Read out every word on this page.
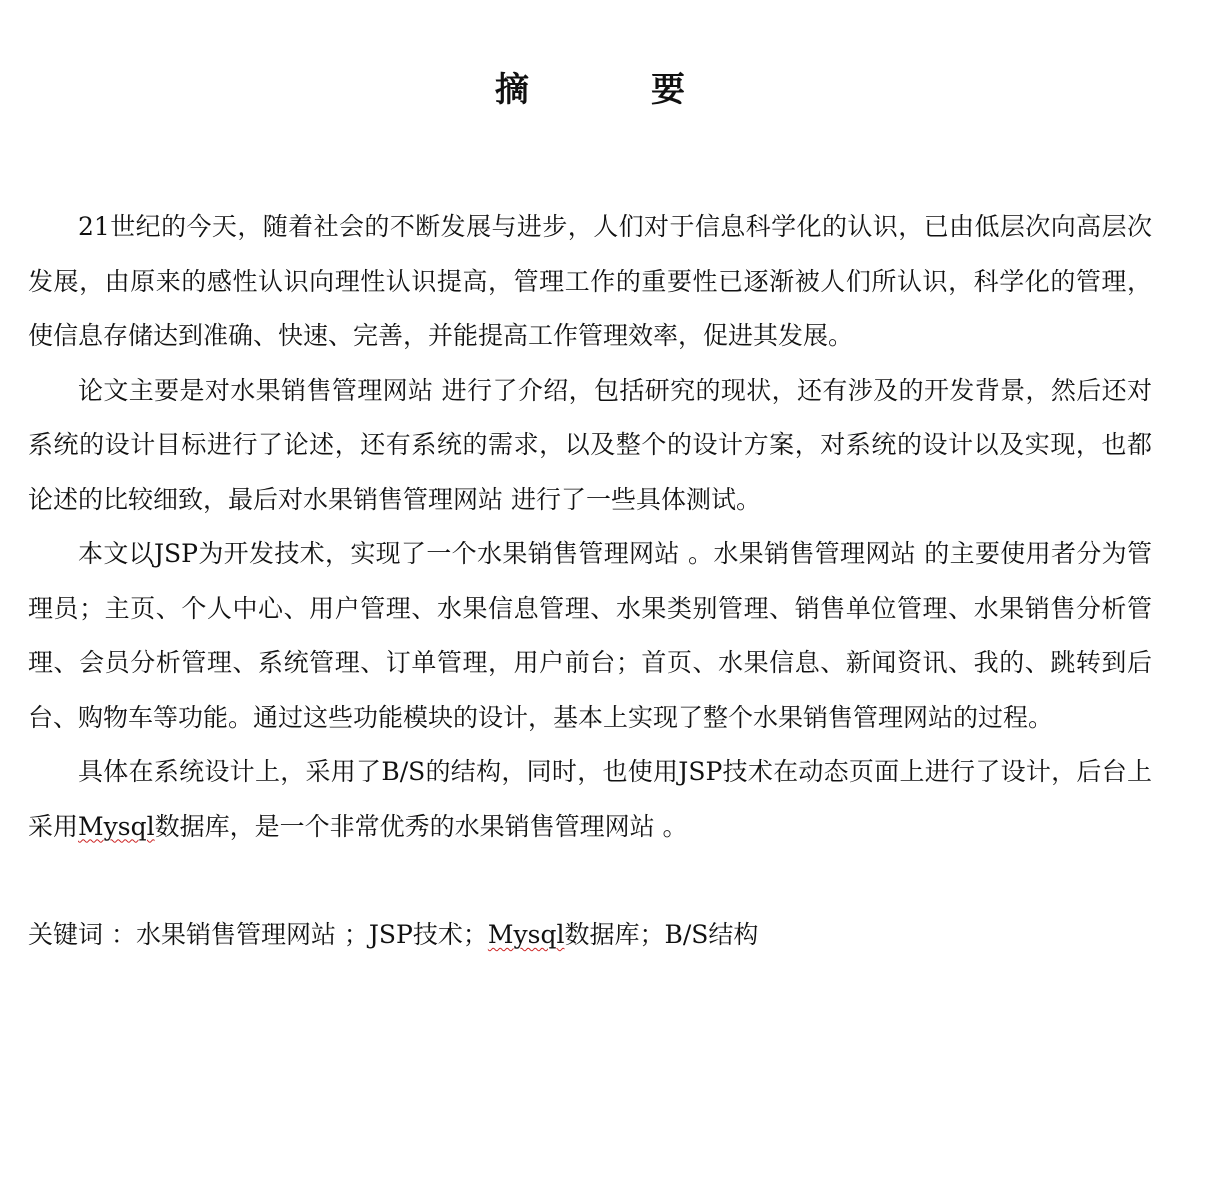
摘　要

21世纪的今天，随着社会的不断发展与进步，人们对于信息科学化的认识，已由低层次向高层次发展，由原来的感性认识向理性认识提高，管理工作的重要性已逐渐被人们所认识，科学化的管理，使信息存储达到准确、快速、完善，并能提高工作管理效率，促进其发展。

论文主要是对水果销售管理网站 进行了介绍，包括研究的现状，还有涉及的开发背景，然后还对系统的设计目标进行了论述，还有系统的需求，以及整个的设计方案，对系统的设计以及实现，也都论述的比较细致，最后对水果销售管理网站 进行了一些具体测试。

本文以JSP为开发技术，实现了一个水果销售管理网站 。水果销售管理网站 的主要使用者分为管理员；主页、个人中心、用户管理、水果信息管理、水果类别管理、销售单位管理、水果销售分析管理、会员分析管理、系统管理、订单管理，用户前台；首页、水果信息、新闻资讯、我的、跳转到后台、购物车等功能。通过这些功能模块的设计，基本上实现了整个水果销售管理网站的过程。

具体在系统设计上，采用了B/S的结构，同时，也使用JSP技术在动态页面上进行了设计，后台上采用Mysql数据库，是一个非常优秀的水果销售管理网站 。

关键词 ：水果销售管理网站 ；JSP技术；Mysql数据库；B/S结构
